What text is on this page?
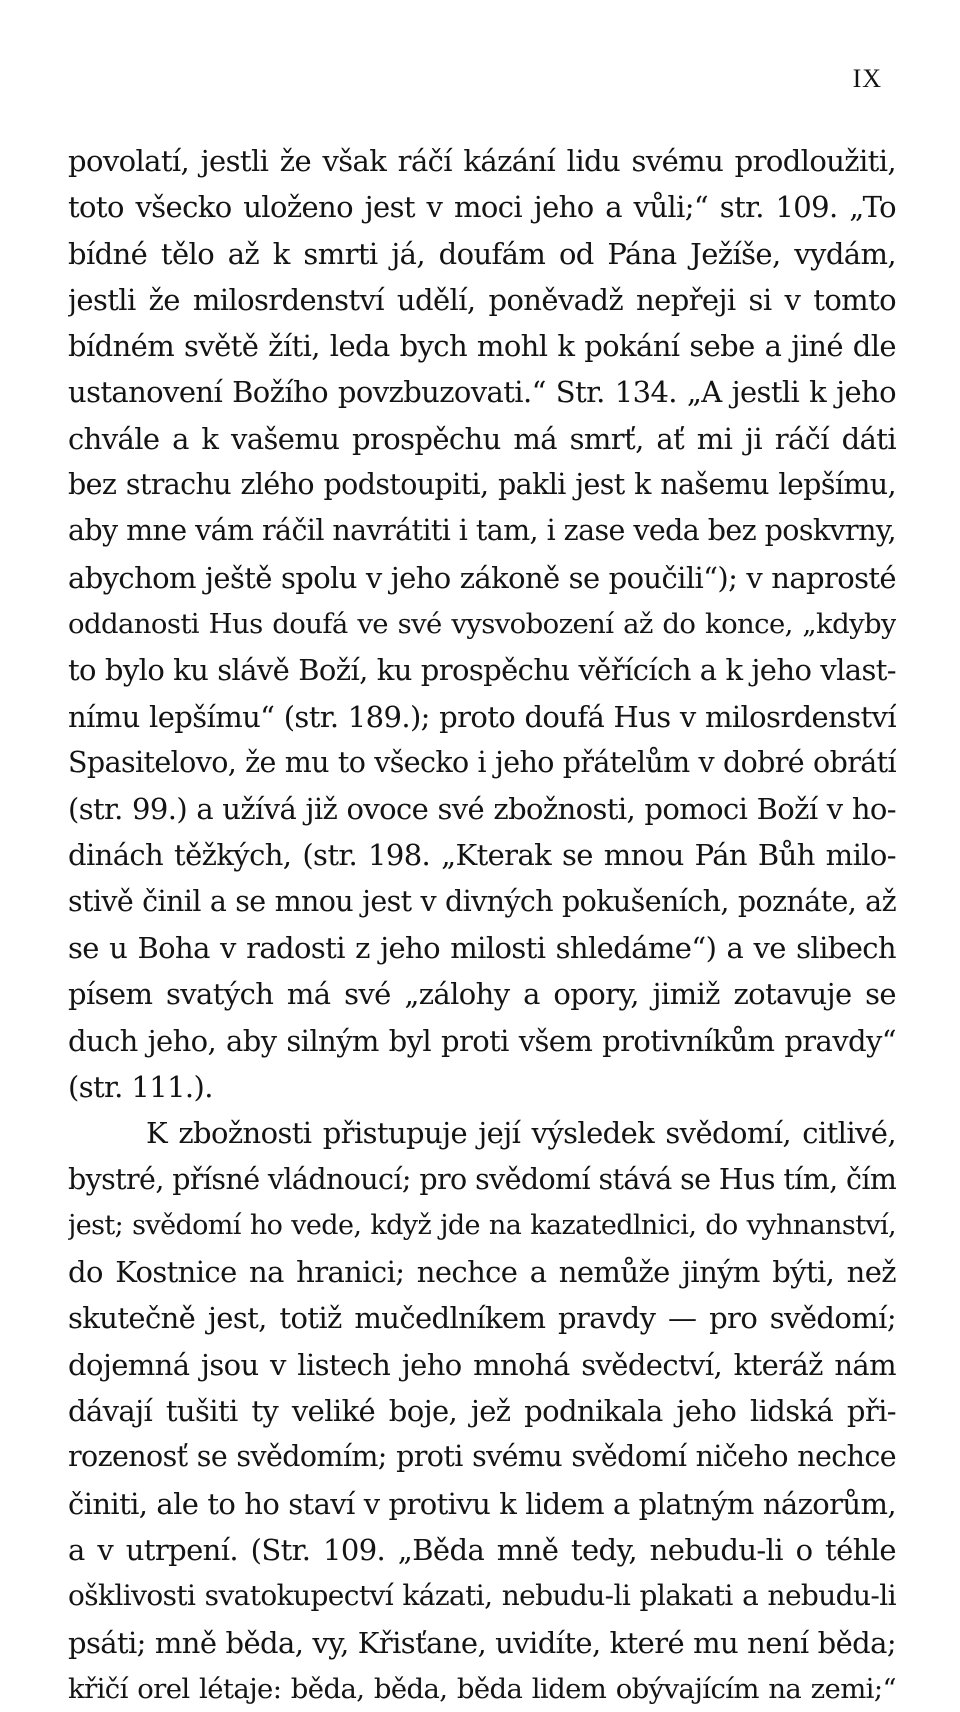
IX
povolatí, jestli že však ráčí kázání lidu svému prodloužiti,
toto všecko uloženo jest v moci jeho a vůli;“ str. 109. „To
bídné tělo až k smrti já, doufám od Pána Ježíše, vydám,
jestli že milosrdenství udělí, poněvadž nepřeji si v tomto
bídném světě žíti, leda bych mohl k pokání sebe a jiné dle
ustanovení Božího povzbuzovati.“ Str. 134. „A jestli k jeho
chvále a k vašemu prospěchu má smrť, ať mi ji ráčí dáti
bez strachu zlého podstoupiti, pakli jest k našemu lepšímu,
aby mne vám ráčil navrátiti i tam, i zase veda bez poskvrny,
abychom ještě spolu v jeho zákoně se poučili“); v naprosté
oddanosti Hus doufá ve své vysvobození až do konce, „kdyby
to bylo ku slávě Boží, ku prospěchu věřících a k jeho vlast-
nímu lepšímu“ (str. 189.); proto doufá Hus v milosrdenství
Spasitelovo, že mu to všecko i jeho přátelům v dobré obrátí
(str. 99.) a užívá již ovoce své zbožnosti, pomoci Boží v ho-
dinách těžkých, (str. 198. „Kterak se mnou Pán Bůh milo-
stivě činil a se mnou jest v divných pokušeních, poznáte, až
se u Boha v radosti z jeho milosti shledáme“) a ve slibech
písem svatých má své „zálohy a opory, jimiž zotavuje se
duch jeho, aby silným byl proti všem protivníkům pravdy“
(str. 111.).
K zbožnosti přistupuje její výsledek svědomí, citlivé,
bystré, přísné vládnoucí; pro svědomí stává se Hus tím, čím
jest; svědomí ho vede, když jde na kazatedlnici, do vyhnanství,
do Kostnice na hranici; nechce a nemůže jiným býti, než
skutečně jest, totiž mučedlníkem pravdy — pro svědomí;
dojemná jsou v listech jeho mnohá svědectví, kteráž nám
dávají tušiti ty veliké boje, jež podnikala jeho lidská při-
rozenosť se svědomím; proti svému svědomí ničeho nechce
činiti, ale to ho staví v protivu k lidem a platným názorům,
a v utrpení. (Str. 109. „Běda mně tedy, nebudu-li o téhle
ošklivosti svatokupectví kázati, nebudu-li plakati a nebudu-li
psáti; mně běda, vy, Křisťane, uvidíte, které mu není běda;
křičí orel létaje: běda, běda, běda lidem obývajícím na zemi;“
